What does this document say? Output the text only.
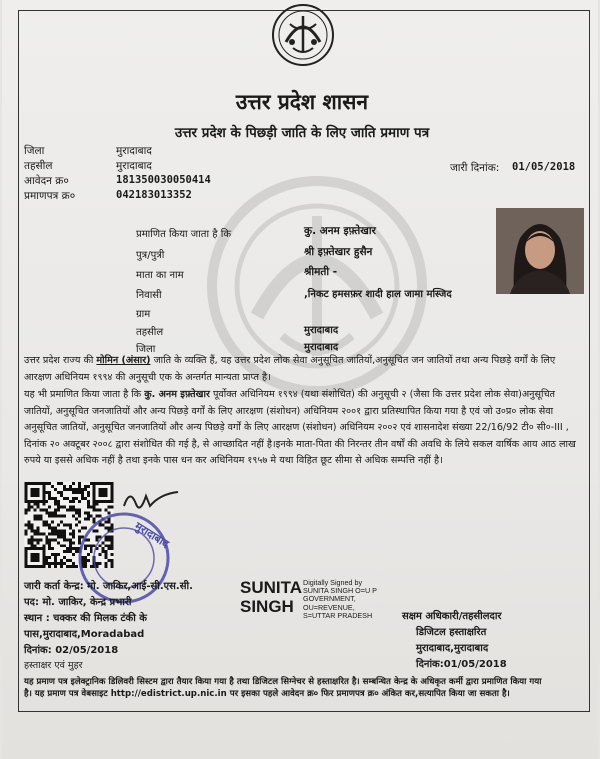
उत्तर प्रदेश शासन
उत्तर प्रदेश के पिछड़ी जाति के लिए जाति प्रमाण पत्र
जिला	मुरादाबाद
तहसील	मुरादाबाद
आवेदन क्र०	181350030050414
प्रमाणपत्र क्र०	042183013352
जारी दिनांक: 01/05/2018
प्रमाणित किया जाता है कि	कु. अनम इफ़्तेखार
पुत्र/पुत्री	श्री इफ़्तेखार हुसैन
माता का नाम	श्रीमती -
निवासी	,निकट हमसफ़र शादी हाल जामा मस्जिद
ग्राम
तहसील	मुरादाबाद
जिला	मुरादाबाद
उत्तर प्रदेश राज्य की मोमिन (अंसार) जाति के व्यक्ति हैं, यह उत्तर प्रदेश लोक सेवा अनुसूचित जातियों,अनुसूचित जन जातियों तथा अन्य पिछड़े वर्गों के लिए आरक्षण अधिनियम १९९४ की अनुसूची एक के अन्तर्गत मान्यता प्राप्त है।
यह भी प्रमाणित किया जाता है कि कु. अनम इफ़्तेखार पूर्वोक्त अधिनियम १९९४ (यथा संशोधित) की अनुसूची २ (जैसा कि उत्तर प्रदेश लोक सेवा)अनुसूचित जातियों, अनुसूचित जनजातियों और अन्य पिछड़े वर्गों के लिए आरक्षण (संशोधन) अधिनियम २००१ द्वारा प्रतिस्थापित किया गया है एवं जो उ०प्र० लोक सेवा अनुसूचित जातियों, अनुसूचित जनजातियों और अन्य पिछड़े वर्गों के लिए आरक्षण (संशोधन) अधिनियम २००२ एवं शासनादेश संख्या 22/16/92 टी० सी०-III , दिनांक २० अक्टूबर २००८ द्वारा संशोधित की गई है, से आच्छादित नहीं है।इनके माता-पिता की निरन्तर तीन वर्षों की अवधि के लिये सकल वार्षिक आय आठ लाख रुपये या इससे अधिक नहीं है तथा इनके पास धन कर अधिनियम १९५७ मे यथा विहित छूट सीमा से अधिक सम्पत्ति नहीं है।
मुरादाबाद
जारी कर्ता केन्द्र: मो. जाकिर,आई-सी.एस.सी.
पद: मो. जाकिर, केन्द्र प्रभारी
स्थान : चक्कर की मिलक टंकी के
पास,मुरादाबाद,Moradabad
दिनांक: 02/05/2018
हस्ताक्षर एवं मुहर
SUNITA
SINGH
Digitally Signed by
SUNITA SINGH O=U P
GOVERNMENT,
OU=REVENUE,
S=UTTAR PRADESH	सक्षम अधिकारी/तहसीलदार
डिजिटल हस्ताक्षरित
मुरादाबाद,मुरादाबाद
दिनांक:01/05/2018
यह प्रमाण पत्र इलेक्ट्रानिक डिलिवरी सिस्टम द्वारा तैयार किया गया है तथा डिजिटल सिग्नेचर से हस्ताक्षरित है। सम्बन्धित केन्द्र के अधिकृत कर्मी द्वारा प्रमाणित किया गया
है। यह प्रमाण पत्र वेबसाइट http://edistrict.up.nic.in पर इसका पहले आवेदन क्र० फिर प्रमाणपत्र क्र० अंकित कर,सत्यापित किया जा सकता है।
